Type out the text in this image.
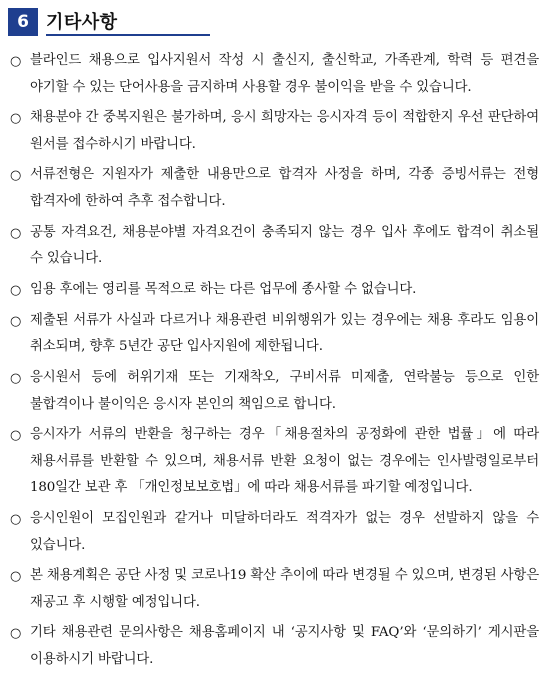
6 기타사항
○ 블라인드 채용으로 입사지원서 작성 시 출신지, 출신학교, 가족관계, 학력 등 편견을 야기할 수 있는 단어사용을 금지하며 사용할 경우 불이익을 받을 수 있습니다.
○ 채용분야 간 중복지원은 불가하며, 응시 희망자는 응시자격 등이 적합한지 우선 판단하여 원서를 접수하시기 바랍니다.
○ 서류전형은 지원자가 제출한 내용만으로 합격자 사정을 하며, 각종 증빙서류는 전형 합격자에 한하여 추후 접수합니다.
○ 공통 자격요건, 채용분야별 자격요건이 충족되지 않는 경우 입사 후에도 합격이 취소될 수 있습니다.
○ 임용 후에는 영리를 목적으로 하는 다른 업무에 종사할 수 없습니다.
○ 제출된 서류가 사실과 다르거나 채용관련 비위행위가 있는 경우에는 채용 후라도 임용이 취소되며, 향후 5년간 공단 입사지원에 제한됩니다.
○ 응시원서 등에 허위기재 또는 기재착오, 구비서류 미제출, 연락불능 등으로 인한 불합격이나 불이익은 응시자 본인의 책임으로 합니다.
○ 응시자가 서류의 반환을 청구하는 경우「채용절차의 공정화에 관한 법률」에 따라 채용서류를 반환할 수 있으며, 채용서류 반환 요청이 없는 경우에는 인사발령일로부터 180일간 보관 후 「개인정보보호법」에 따라 채용서류를 파기할 예정입니다.
○ 응시인원이 모집인원과 같거나 미달하더라도 적격자가 없는 경우 선발하지 않을 수 있습니다.
○ 본 채용계획은 공단 사정 및 코로나19 확산 추이에 따라 변경될 수 있으며, 변경된 사항은 재공고 후 시행할 예정입니다.
○ 기타 채용관련 문의사항은 채용홈페이지 내 ‘공지사항 및 FAQ’와 ‘문의하기’ 게시판을 이용하시기 바랍니다.
